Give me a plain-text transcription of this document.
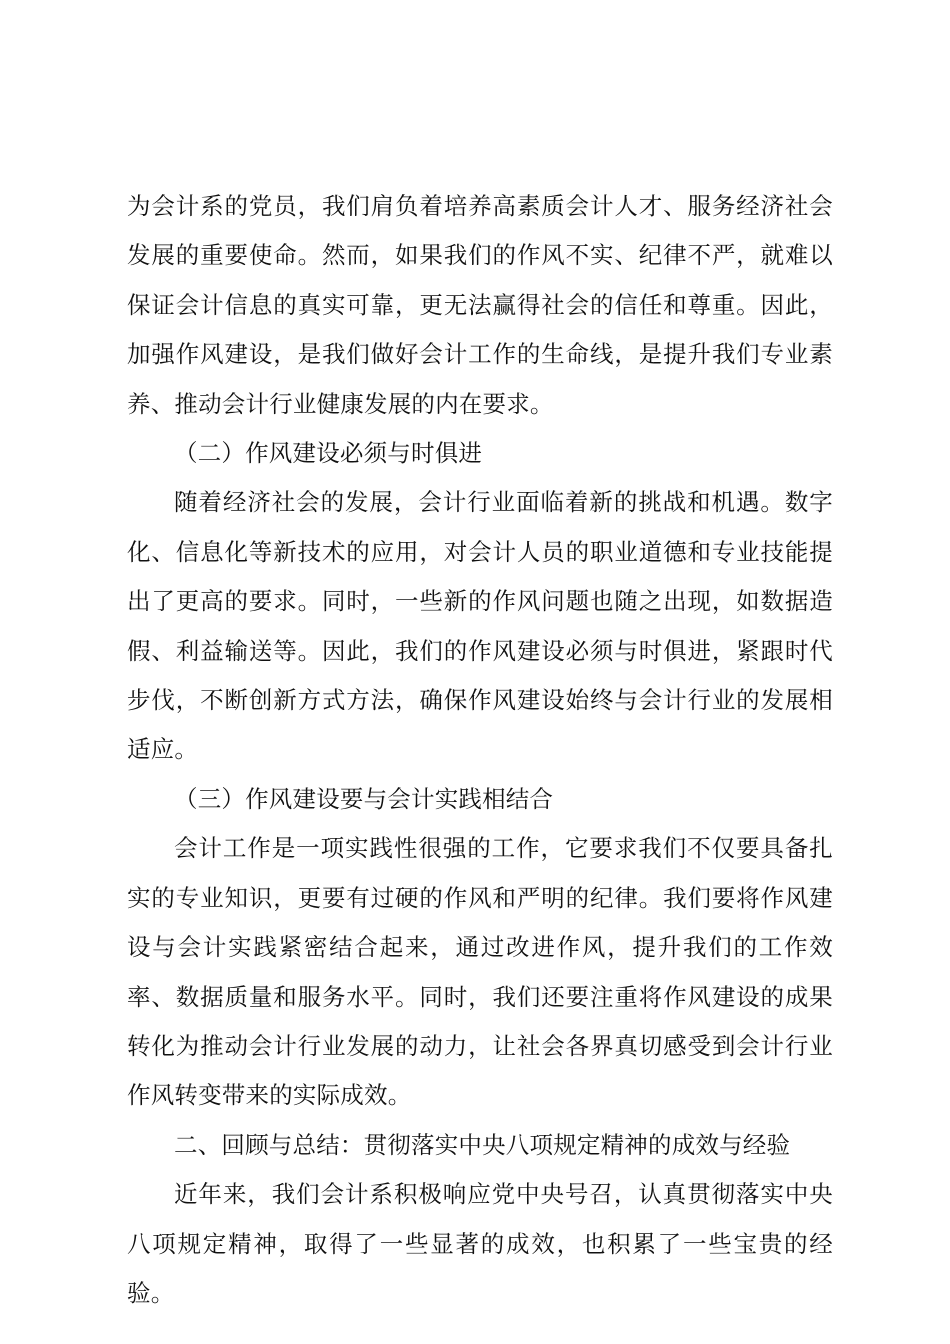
为会计系的党员，我们肩负着培养高素质会计人才、服务经济社会发展的重要使命。然而，如果我们的作风不实、纪律不严，就难以保证会计信息的真实可靠，更无法赢得社会的信任和尊重。因此，加强作风建设，是我们做好会计工作的生命线，是提升我们专业素养、推动会计行业健康发展的内在要求。

（二）作风建设必须与时俱进

随着经济社会的发展，会计行业面临着新的挑战和机遇。数字化、信息化等新技术的应用，对会计人员的职业道德和专业技能提出了更高的要求。同时，一些新的作风问题也随之出现，如数据造假、利益输送等。因此，我们的作风建设必须与时俱进，紧跟时代步伐，不断创新方式方法，确保作风建设始终与会计行业的发展相适应。

（三）作风建设要与会计实践相结合

会计工作是一项实践性很强的工作，它要求我们不仅要具备扎实的专业知识，更要有过硬的作风和严明的纪律。我们要将作风建设与会计实践紧密结合起来，通过改进作风，提升我们的工作效率、数据质量和服务水平。同时，我们还要注重将作风建设的成果转化为推动会计行业发展的动力，让社会各界真切感受到会计行业作风转变带来的实际成效。

二、回顾与总结：贯彻落实中央八项规定精神的成效与经验

近年来，我们会计系积极响应党中央号召，认真贯彻落实中央八项规定精神，取得了一些显著的成效，也积累了一些宝贵的经验。
